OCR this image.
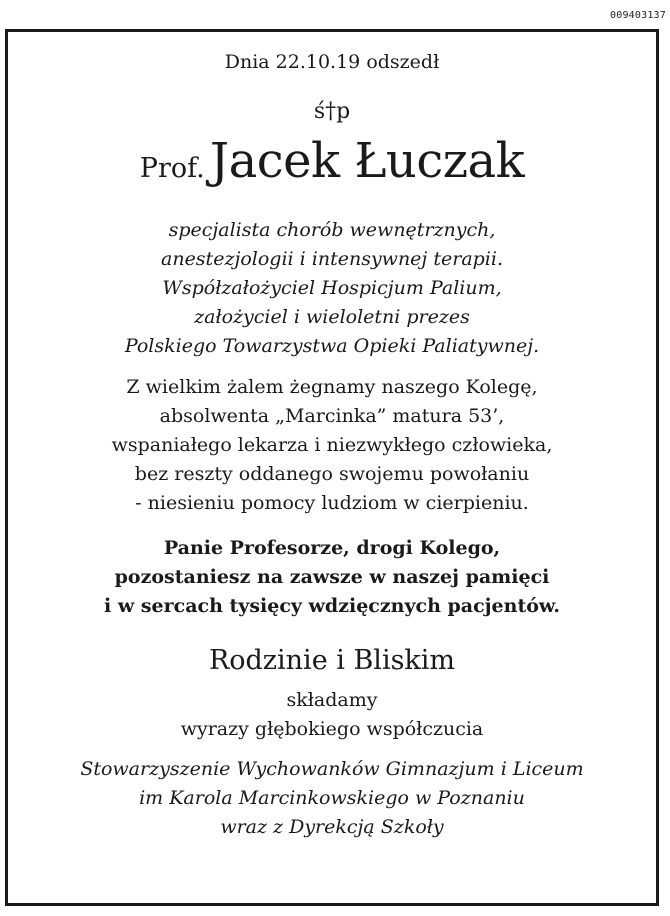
009403137
Dnia 22.10.19 odszedł
ś†p
Prof. Jacek Łuczak
specjalista chorób wewnętrznych,
anestezjologii i intensywnej terapii.
Współzałożyciel Hospicjum Palium,
założyciel i wieloletni prezes
Polskiego Towarzystwa Opieki Paliatywnej.
Z wielkim żalem żegnamy naszego Kolegę,
absolwenta „Marcinka” matura 53’,
wspaniałego lekarza i niezwykłego człowieka,
bez reszty oddanego swojemu powołaniu
- niesieniu pomocy ludziom w cierpieniu.
Panie Profesorze, drogi Kolego,
pozostaniesz na zawsze w naszej pamięci
i w sercach tysięcy wdzięcznych pacjentów.
Rodzinie i Bliskim
składamy
wyrazy głębokiego współczucia
Stowarzyszenie Wychowanków Gimnazjum i Liceum
im Karola Marcinkowskiego w Poznaniu
wraz z Dyrekcją Szkoły
